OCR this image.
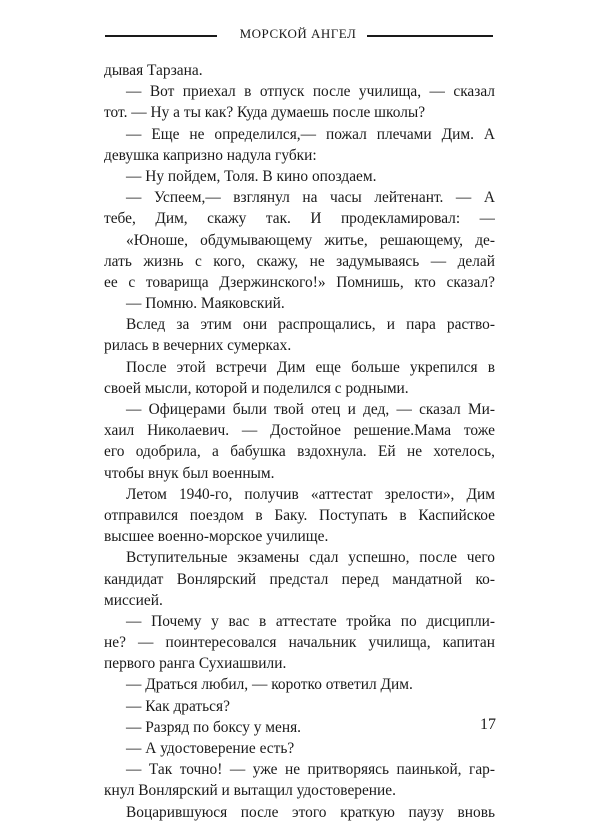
МОРСКОЙ АНГЕЛ
дывая Тарзана.
— Вот приехал в отпуск после училища, — сказал
тот. — Ну а ты как? Куда думаешь после школы?
— Еще не определился,— пожал плечами Дим. А
девушка капризно надула губки:
— Ну пойдем, Толя. В кино опоздаем.
— Успеем,— взглянул на часы лейтенант. — А
тебе, Дим, скажу так. И продекламировал: —
«Юноше, обдумывающему житье, решающему, де-
лать жизнь с кого, скажу, не задумываясь — делай
ее с товарища Дзержинского!» Помнишь, кто сказал?
— Помню. Маяковский.
Вслед за этим они распрощались, и пара раство-
рилась в вечерних сумерках.
После этой встречи Дим еще больше укрепился в
своей мысли, которой и поделился с родными.
— Офицерами были твой отец и дед, — сказал Ми-
хаил Николаевич. — Достойное решение.Мама тоже
его одобрила, а бабушка вздохнула. Ей не хотелось,
чтобы внук был военным.
Летом 1940-го, получив «аттестат зрелости», Дим
отправился поездом в Баку. Поступать в Каспийское
высшее военно-морское училище.
Вступительные экзамены сдал успешно, после чего
кандидат Вонлярский предстал перед мандатной ко-
миссией.
— Почему у вас в аттестате тройка по дисципли-
не? — поинтересовался начальник училища, капитан
первого ранга Сухиашвили.
— Драться любил, — коротко ответил Дим.
— Как драться?
— Разряд по боксу у меня.
— А удостоверение есть?
— Так точно! — уже не притворяясь паинькой, гар-
кнул Вонлярский и вытащил удостоверение.
Воцарившуюся после этого краткую паузу вновь
17
